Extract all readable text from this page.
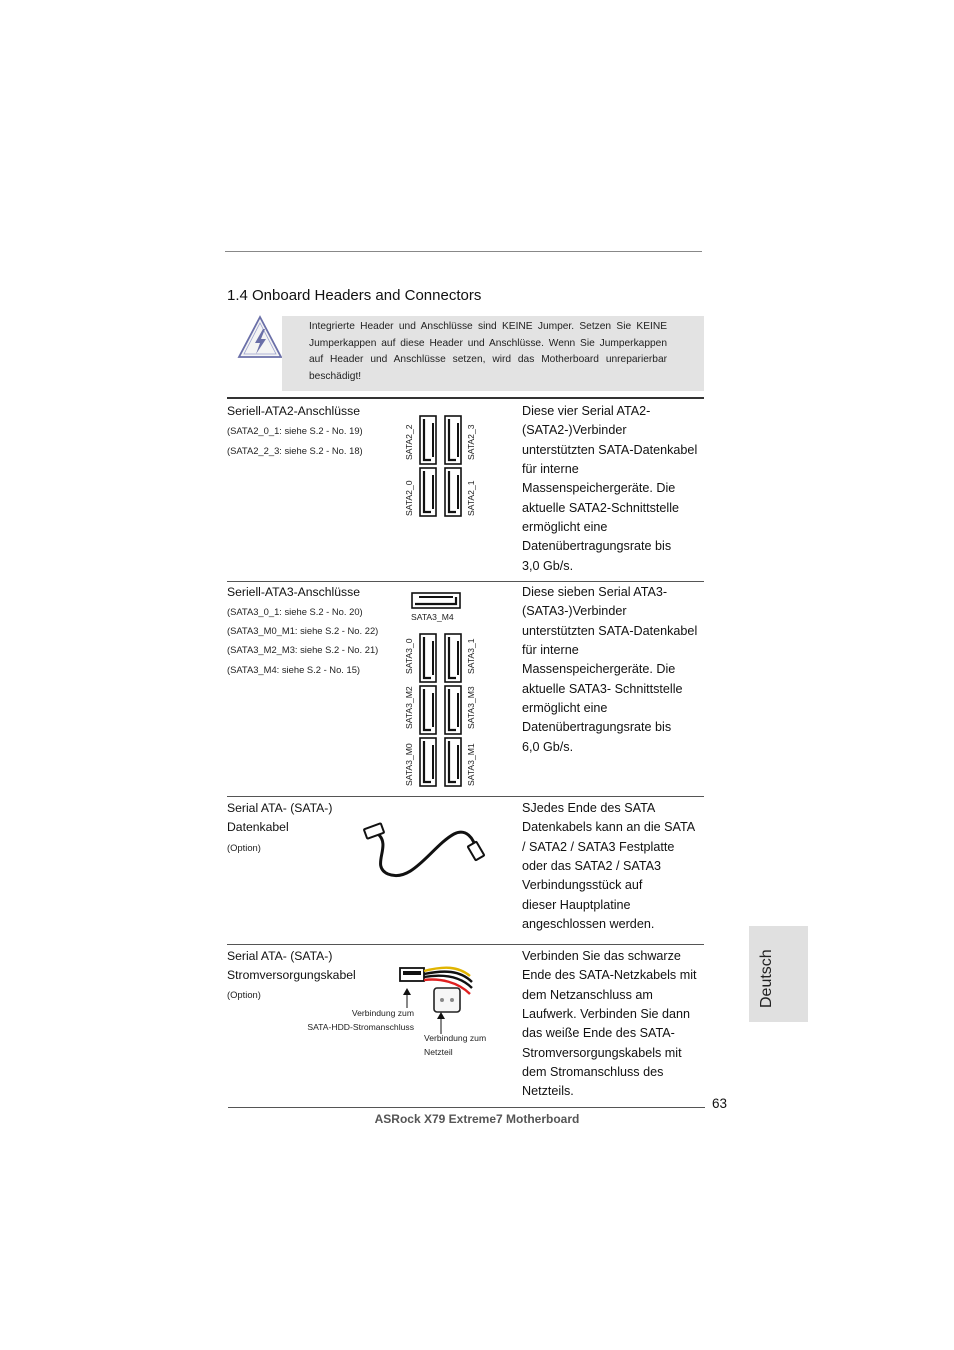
1.4 Onboard Headers and Connectors
Integrierte Header und Anschlüsse sind KEINE Jumper. Setzen Sie KEINE Jumperkappen auf diese Header und Anschlüsse. Wenn Sie Jumperkappen auf Header und Anschlüsse setzen, wird das Motherboard unreparierbar beschädigt!
Seriell-ATA2-Anschlüsse
(SATA2_0_1: siehe S.2 - No. 19)
(SATA2_2_3: siehe S.2 - No. 18)	SATA2_2	SATA2_3
SATA2_0	SATA2_1
Diese vier Serial ATA2-
(SATA2-)Verbinder
unterstützten SATA-Datenkabel
für interne
Massenspeichergeräte. Die
aktuelle SATA2-Schnittstelle
ermöglicht eine
Datenübertragungsrate bis
3,0 Gb/s.
Seriell-ATA3-Anschlüsse
(SATA3_0_1: siehe S.2 - No. 20)
(SATA3_M0_M1: siehe S.2 - No. 22)
(SATA3_M2_M3: siehe S.2 - No. 21)
(SATA3_M4: siehe S.2 - No. 15)
SATA3_M4
SATA3_0	SATA3_1
SATA3_M2	SATA3_M3
SATA3_M0	SATA3_M1
Diese sieben Serial ATA3-
(SATA3-)Verbinder
unterstützten SATA-Datenkabel
für interne
Massenspeichergeräte. Die
aktuelle SATA3- Schnittstelle
ermöglicht eine
Datenübertragungsrate bis
6,0 Gb/s.
Serial ATA- (SATA-)
Datenkabel
(Option)
SJedes Ende des SATA
Datenkabels kann an die SATA
/ SATA2 / SATA3 Festplatte
oder das SATA2 / SATA3
Verbindungsstück auf
dieser Hauptplatine
angeschlossen werden.
Serial ATA- (SATA-)
Stromversorgungskabel
(Option)
Verbindung zum
SATA-HDD-Stromanschluss
Verbindung zum
Netzteil
Verbinden Sie das schwarze
Ende des SATA-Netzkabels mit
dem Netzanschluss am
Laufwerk. Verbinden Sie dann
das weiße Ende des SATA-
Stromversorgungskabels mit
dem Stromanschluss des
Netzteils.
Deutsch
63
ASRock X79 Extreme7 Motherboard
